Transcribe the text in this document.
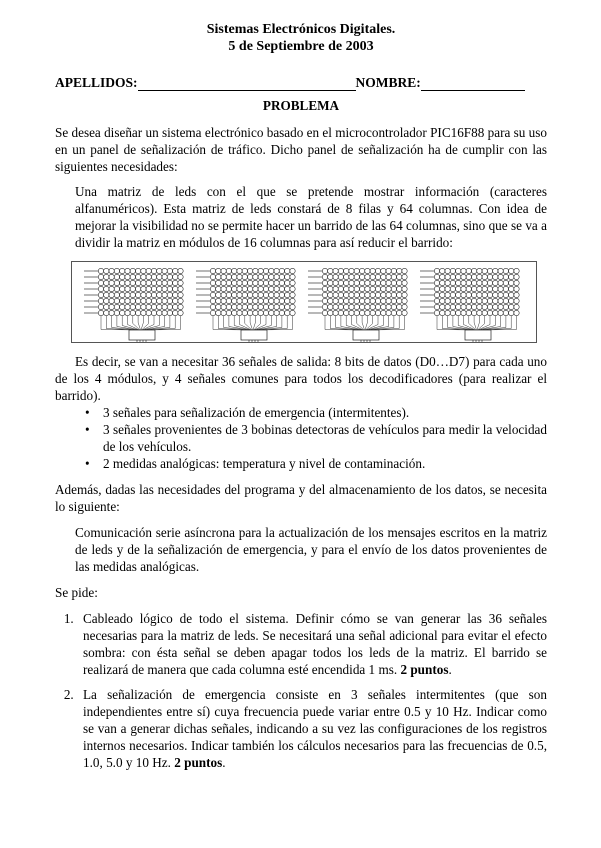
Sistemas Electrónicos Digitales.
5 de Septiembre de 2003
APELLIDOS:	NOMBRE:
PROBLEMA

Se desea diseñar un sistema electrónico basado en el microcontrolador PIC16F88 para su uso en un panel de señalización de tráfico. Dicho panel de señalización ha de cumplir con las siguientes necesidades:

Una matriz de leds con el que se pretende mostrar información (caracteres alfanuméricos). Esta matriz de leds constará de 8 filas y 64 columnas. Con idea de mejorar la visibilidad no se permite hacer un barrido de las 64 columnas, sino que se va a dividir la matriz en módulos de 16 columnas para así reducir el barrido:

Es decir, se van a necesitar 36 señales de salida: 8 bits de datos (D0…D7) para cada uno de los 4 módulos, y 4 señales comunes para todos los decodificadores (para realizar el barrido).

• 3 señales para señalización de emergencia (intermitentes).
• 3 señales provenientes de 3 bobinas detectoras de vehículos para medir la velocidad de los vehículos.
• 2 medidas analógicas: temperatura y nivel de contaminación.

Además, dadas las necesidades del programa y del almacenamiento de los datos, se necesita lo siguiente:

Comunicación serie asíncrona para la actualización de los mensajes escritos en la matriz de leds y de la señalización de emergencia, y para el envío de los datos provenientes de las medidas analógicas.

Se pide:

1. Cableado lógico de todo el sistema. Definir cómo se van generar las 36 señales necesarias para la matriz de leds. Se necesitará una señal adicional para evitar el efecto sombra: con ésta señal se deben apagar todos los leds de la matriz. El barrido se realizará de manera que cada columna esté encendida 1 ms. 2 puntos.
2. La señalización de emergencia consiste en 3 señales intermitentes (que son independientes entre sí) cuya frecuencia puede variar entre 0.5 y 10 Hz. Indicar como se van a generar dichas señales, indicando a su vez las configuraciones de los registros internos necesarios. Indicar también los cálculos necesarios para las frecuencias de 0.5, 1.0, 5.0 y 10 Hz. 2 puntos.
